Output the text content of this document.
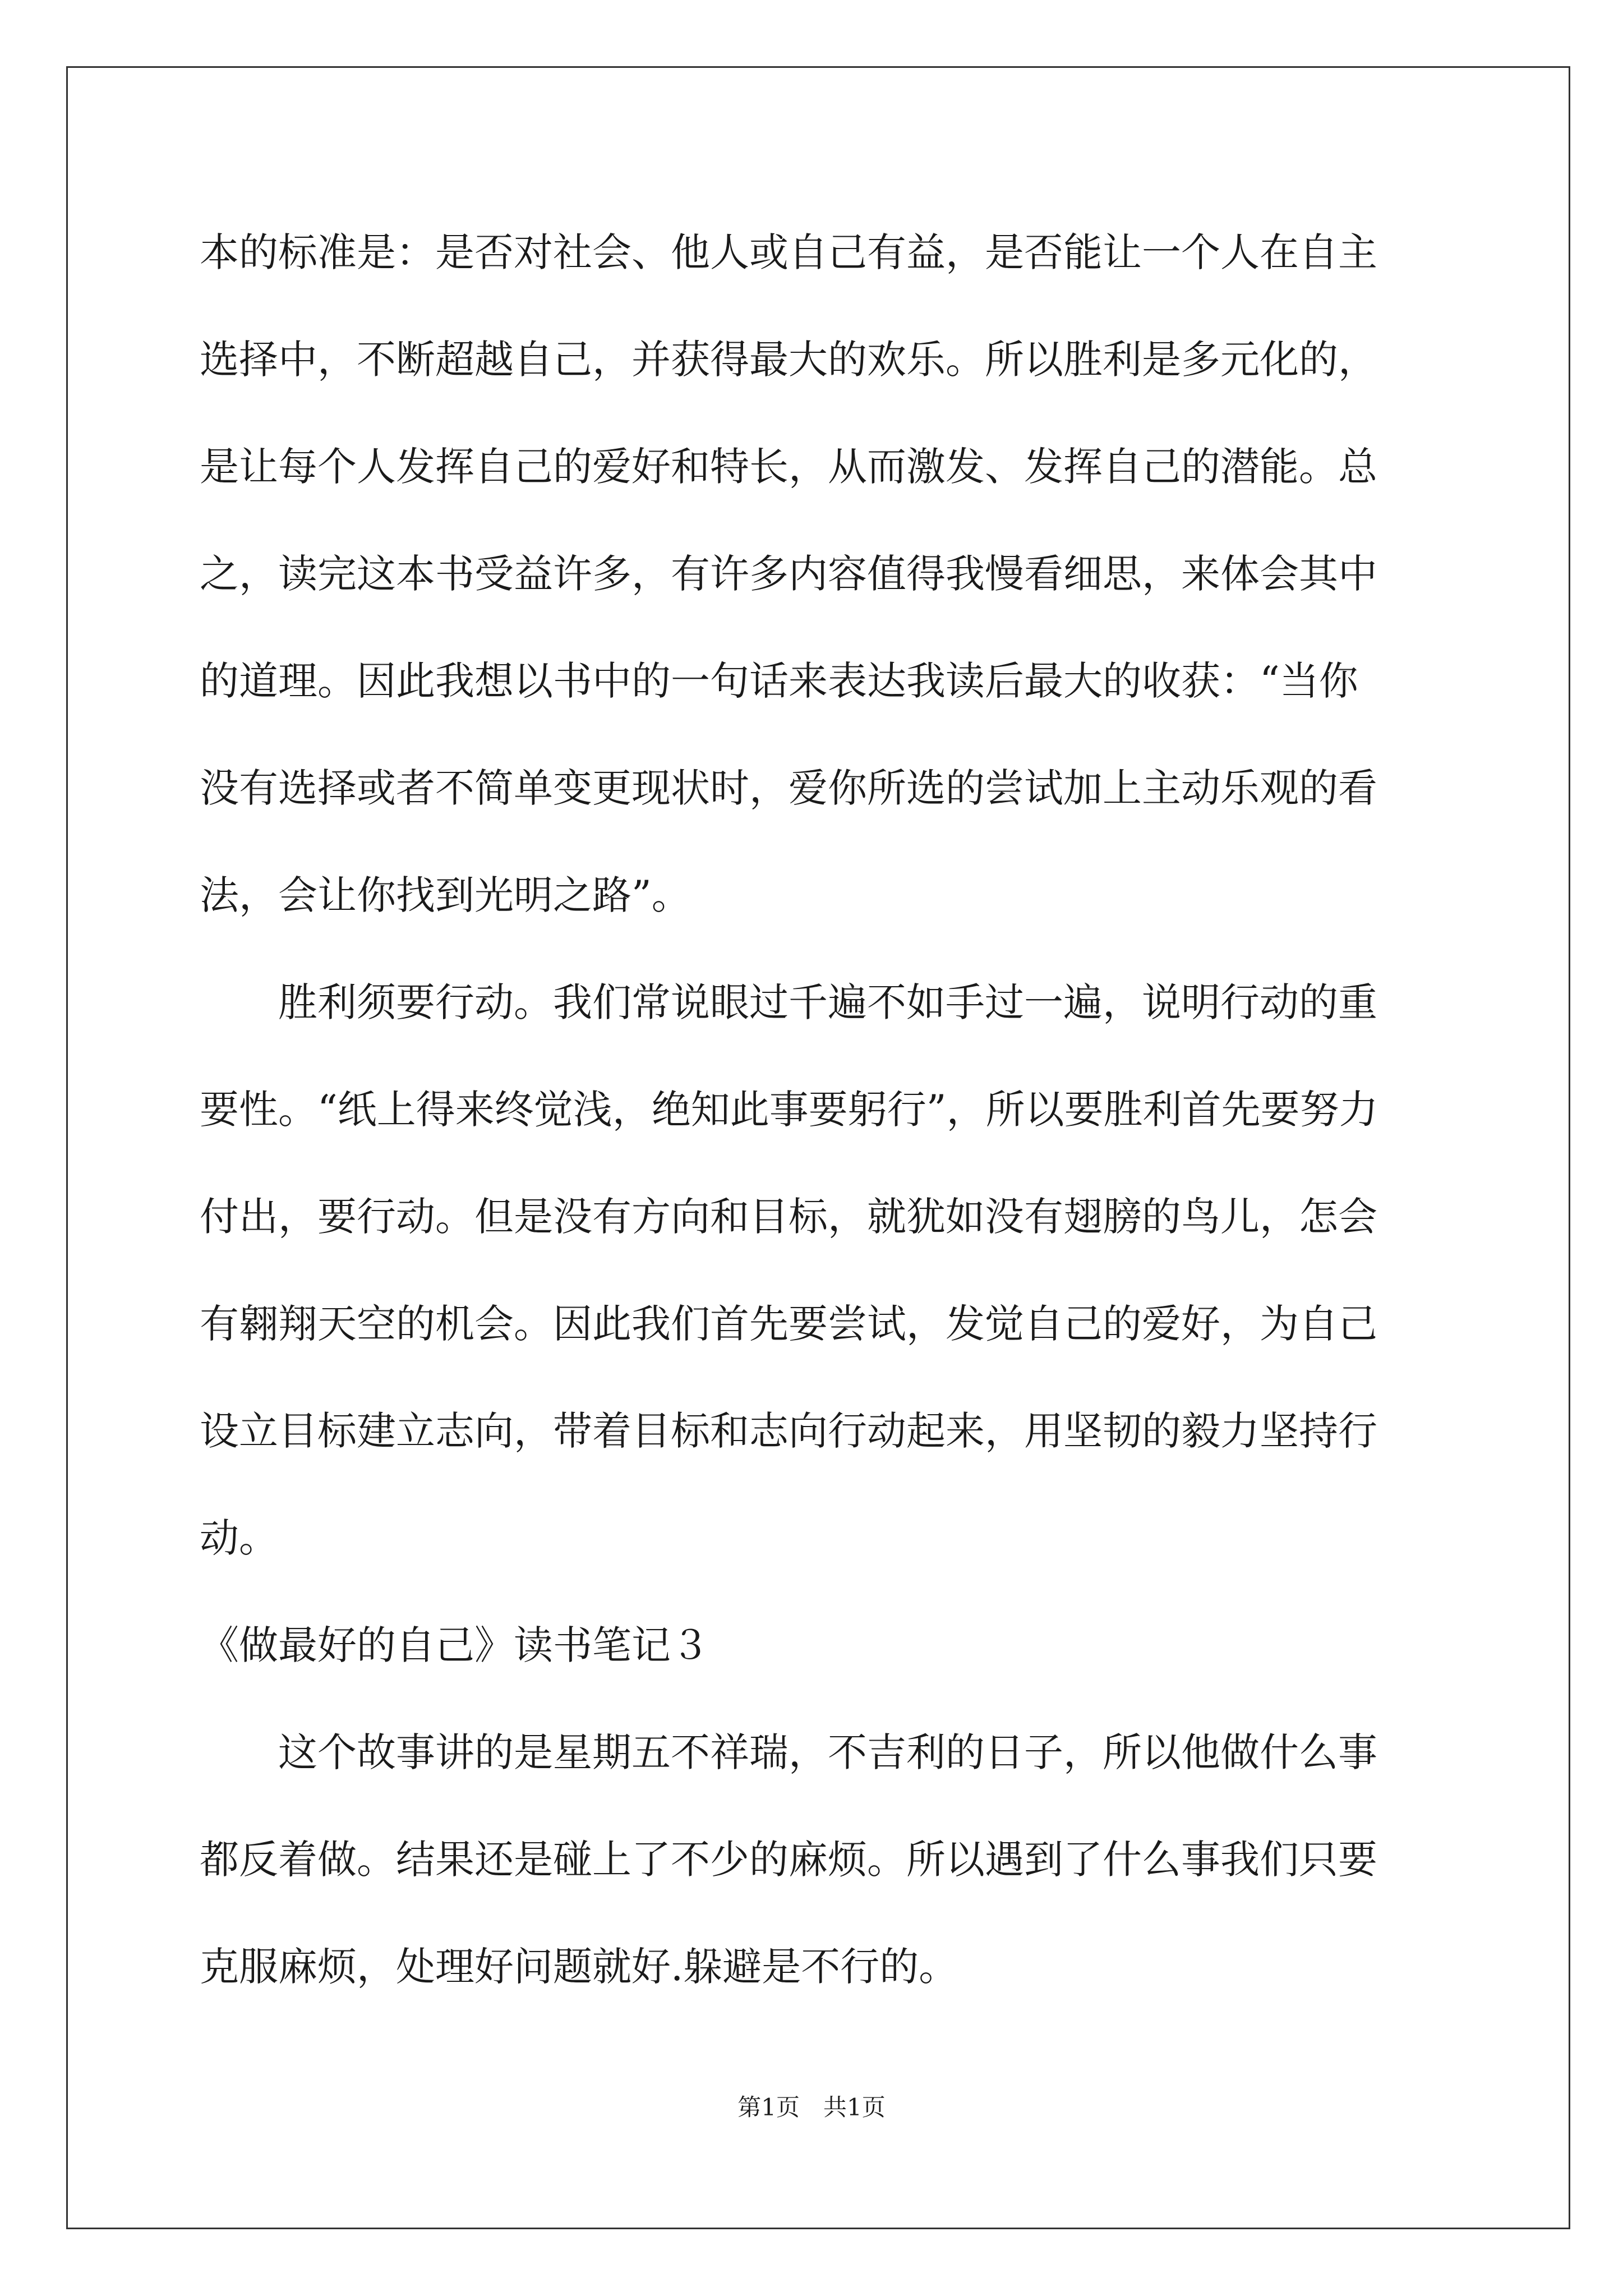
本的标准是：是否对社会、他人或自己有益，是否能让一个人在自主
选择中，不断超越自己，并获得最大的欢乐。所以胜利是多元化的，
是让每个人发挥自己的爱好和特长，从而激发、发挥自己的潜能。总
之，读完这本书受益许多，有许多内容值得我慢看细思，来体会其中
的道理。因此我想以书中的一句话来表达我读后最大的收获：“当你
没有选择或者不简单变更现状时，爱你所选的尝试加上主动乐观的看
法，会让你找到光明之路”。
　　胜利须要行动。我们常说眼过千遍不如手过一遍，说明行动的重
要性。“纸上得来终觉浅，绝知此事要躬行”，所以要胜利首先要努力
付出，要行动。但是没有方向和目标，就犹如没有翅膀的鸟儿，怎会
有翱翔天空的机会。因此我们首先要尝试，发觉自己的爱好，为自己
设立目标建立志向，带着目标和志向行动起来，用坚韧的毅力坚持行
动。
《做最好的自己》读书笔记３
　　这个故事讲的是星期五不祥瑞，不吉利的日子，所以他做什么事
都反着做。结果还是碰上了不少的麻烦。所以遇到了什么事我们只要
克服麻烦，处理好问题就好.躲避是不行的。
第1页　共1页
